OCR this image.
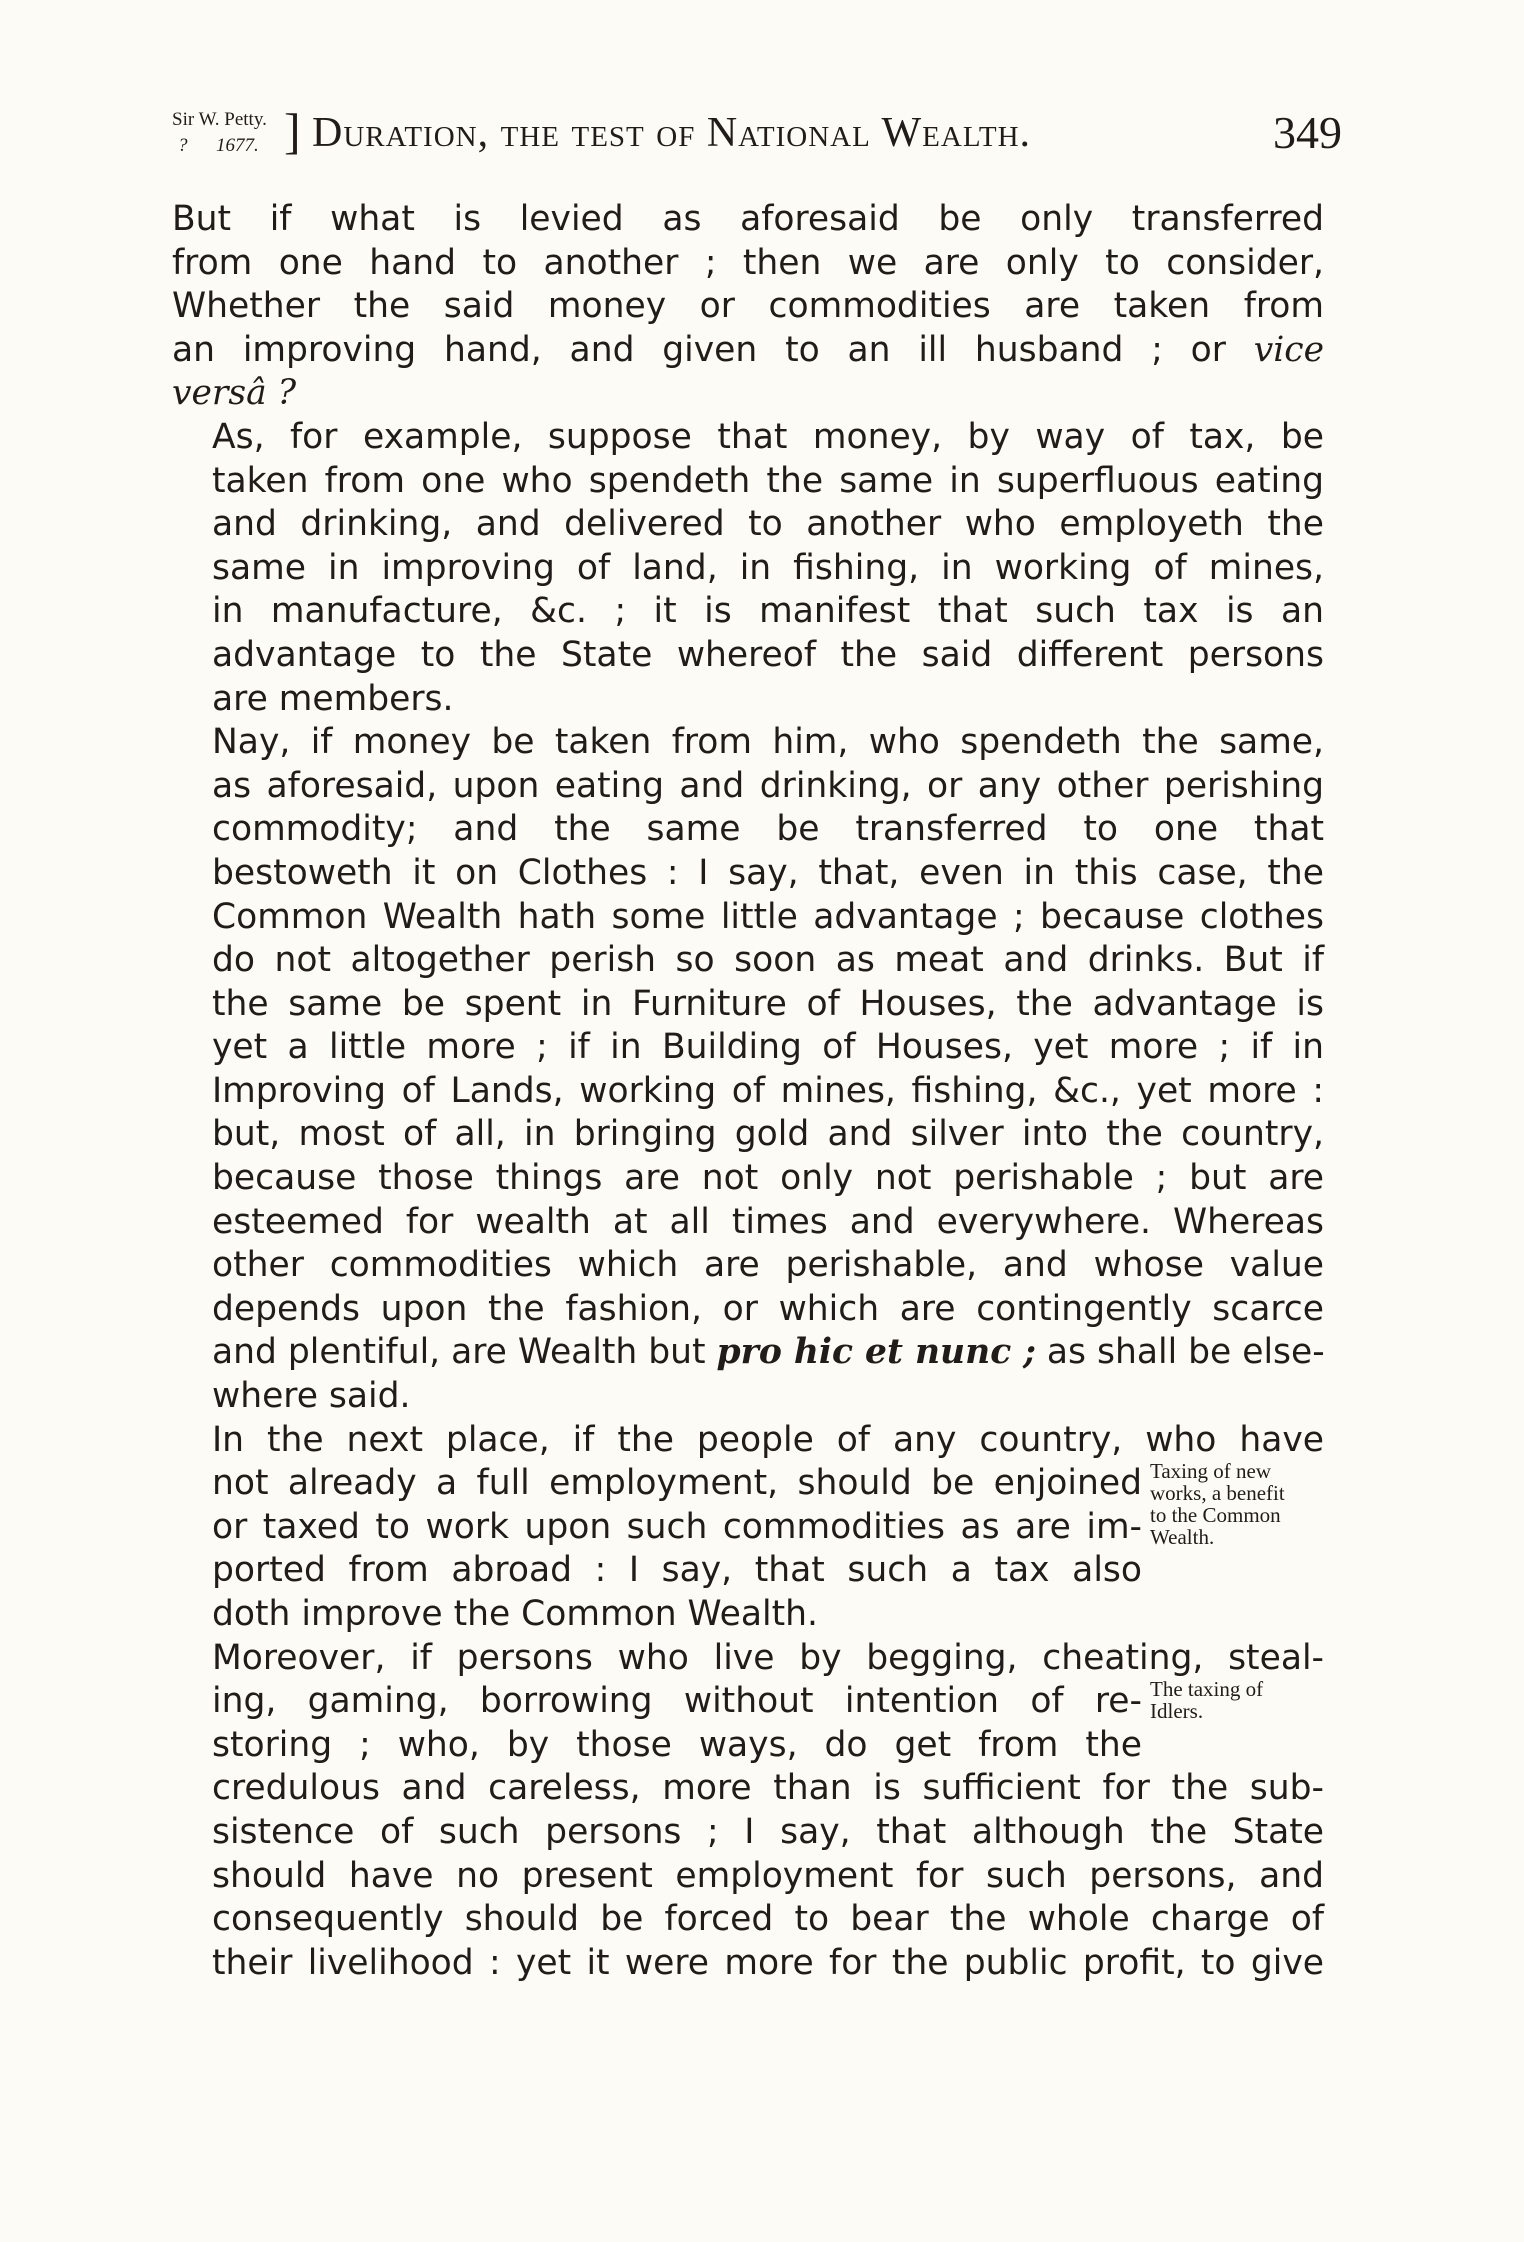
Sir W. Petty.
? 1677. ] Duration, the test of National Wealth.	349

But if what is levied as aforesaid be only transferred
from one hand to another ; then we are only to consider,
Whether the said money or commodities are taken from
an improving hand, and given to an ill husband ; or vice
versâ ?

As, for example, suppose that money, by way of tax, be
taken from one who spendeth the same in superfluous eating
and drinking, and delivered to another who employeth the
same in improving of land, in fishing, in working of mines,
in manufacture, &c. ; it is manifest that such tax is an
advantage to the State whereof the said different persons
are members.

Nay, if money be taken from him, who spendeth the same,
as aforesaid, upon eating and drinking, or any other perishing
commodity; and the same be transferred to one that
bestoweth it on Clothes : I say, that, even in this case, the
Common Wealth hath some little advantage ; because clothes
do not altogether perish so soon as meat and drinks. But if
the same be spent in Furniture of Houses, the advantage is
yet a little more ; if in Building of Houses, yet more ; if in
Improving of Lands, working of mines, fishing, &c., yet more :
but, most of all, in bringing gold and silver into the country,
because those things are not only not perishable ; but are
esteemed for wealth at all times and everywhere. Whereas
other commodities which are perishable, and whose value
depends upon the fashion, or which are contingently scarce
and plentiful, are Wealth but pro hic et nunc ; as shall be else-
where said.

In the next place, if the people of any country, who have
not already a full employment, should be enjoined
or taxed to work upon such commodities as are im-
ported from abroad : I say, that such a tax also
doth improve the Common Wealth.

Moreover, if persons who live by begging, cheating, steal-
ing, gaming, borrowing without intention of re-
storing ; who, by those ways, do get from the
credulous and careless, more than is sufficient for the sub-
sistence of such persons ; I say, that although the State
should have no present employment for such persons, and
consequently should be forced to bear the whole charge of
their livelihood : yet it were more for the public profit, to give

Taxing of new
works, a benefit
to the Common
Wealth.
The taxing of
Idlers.
